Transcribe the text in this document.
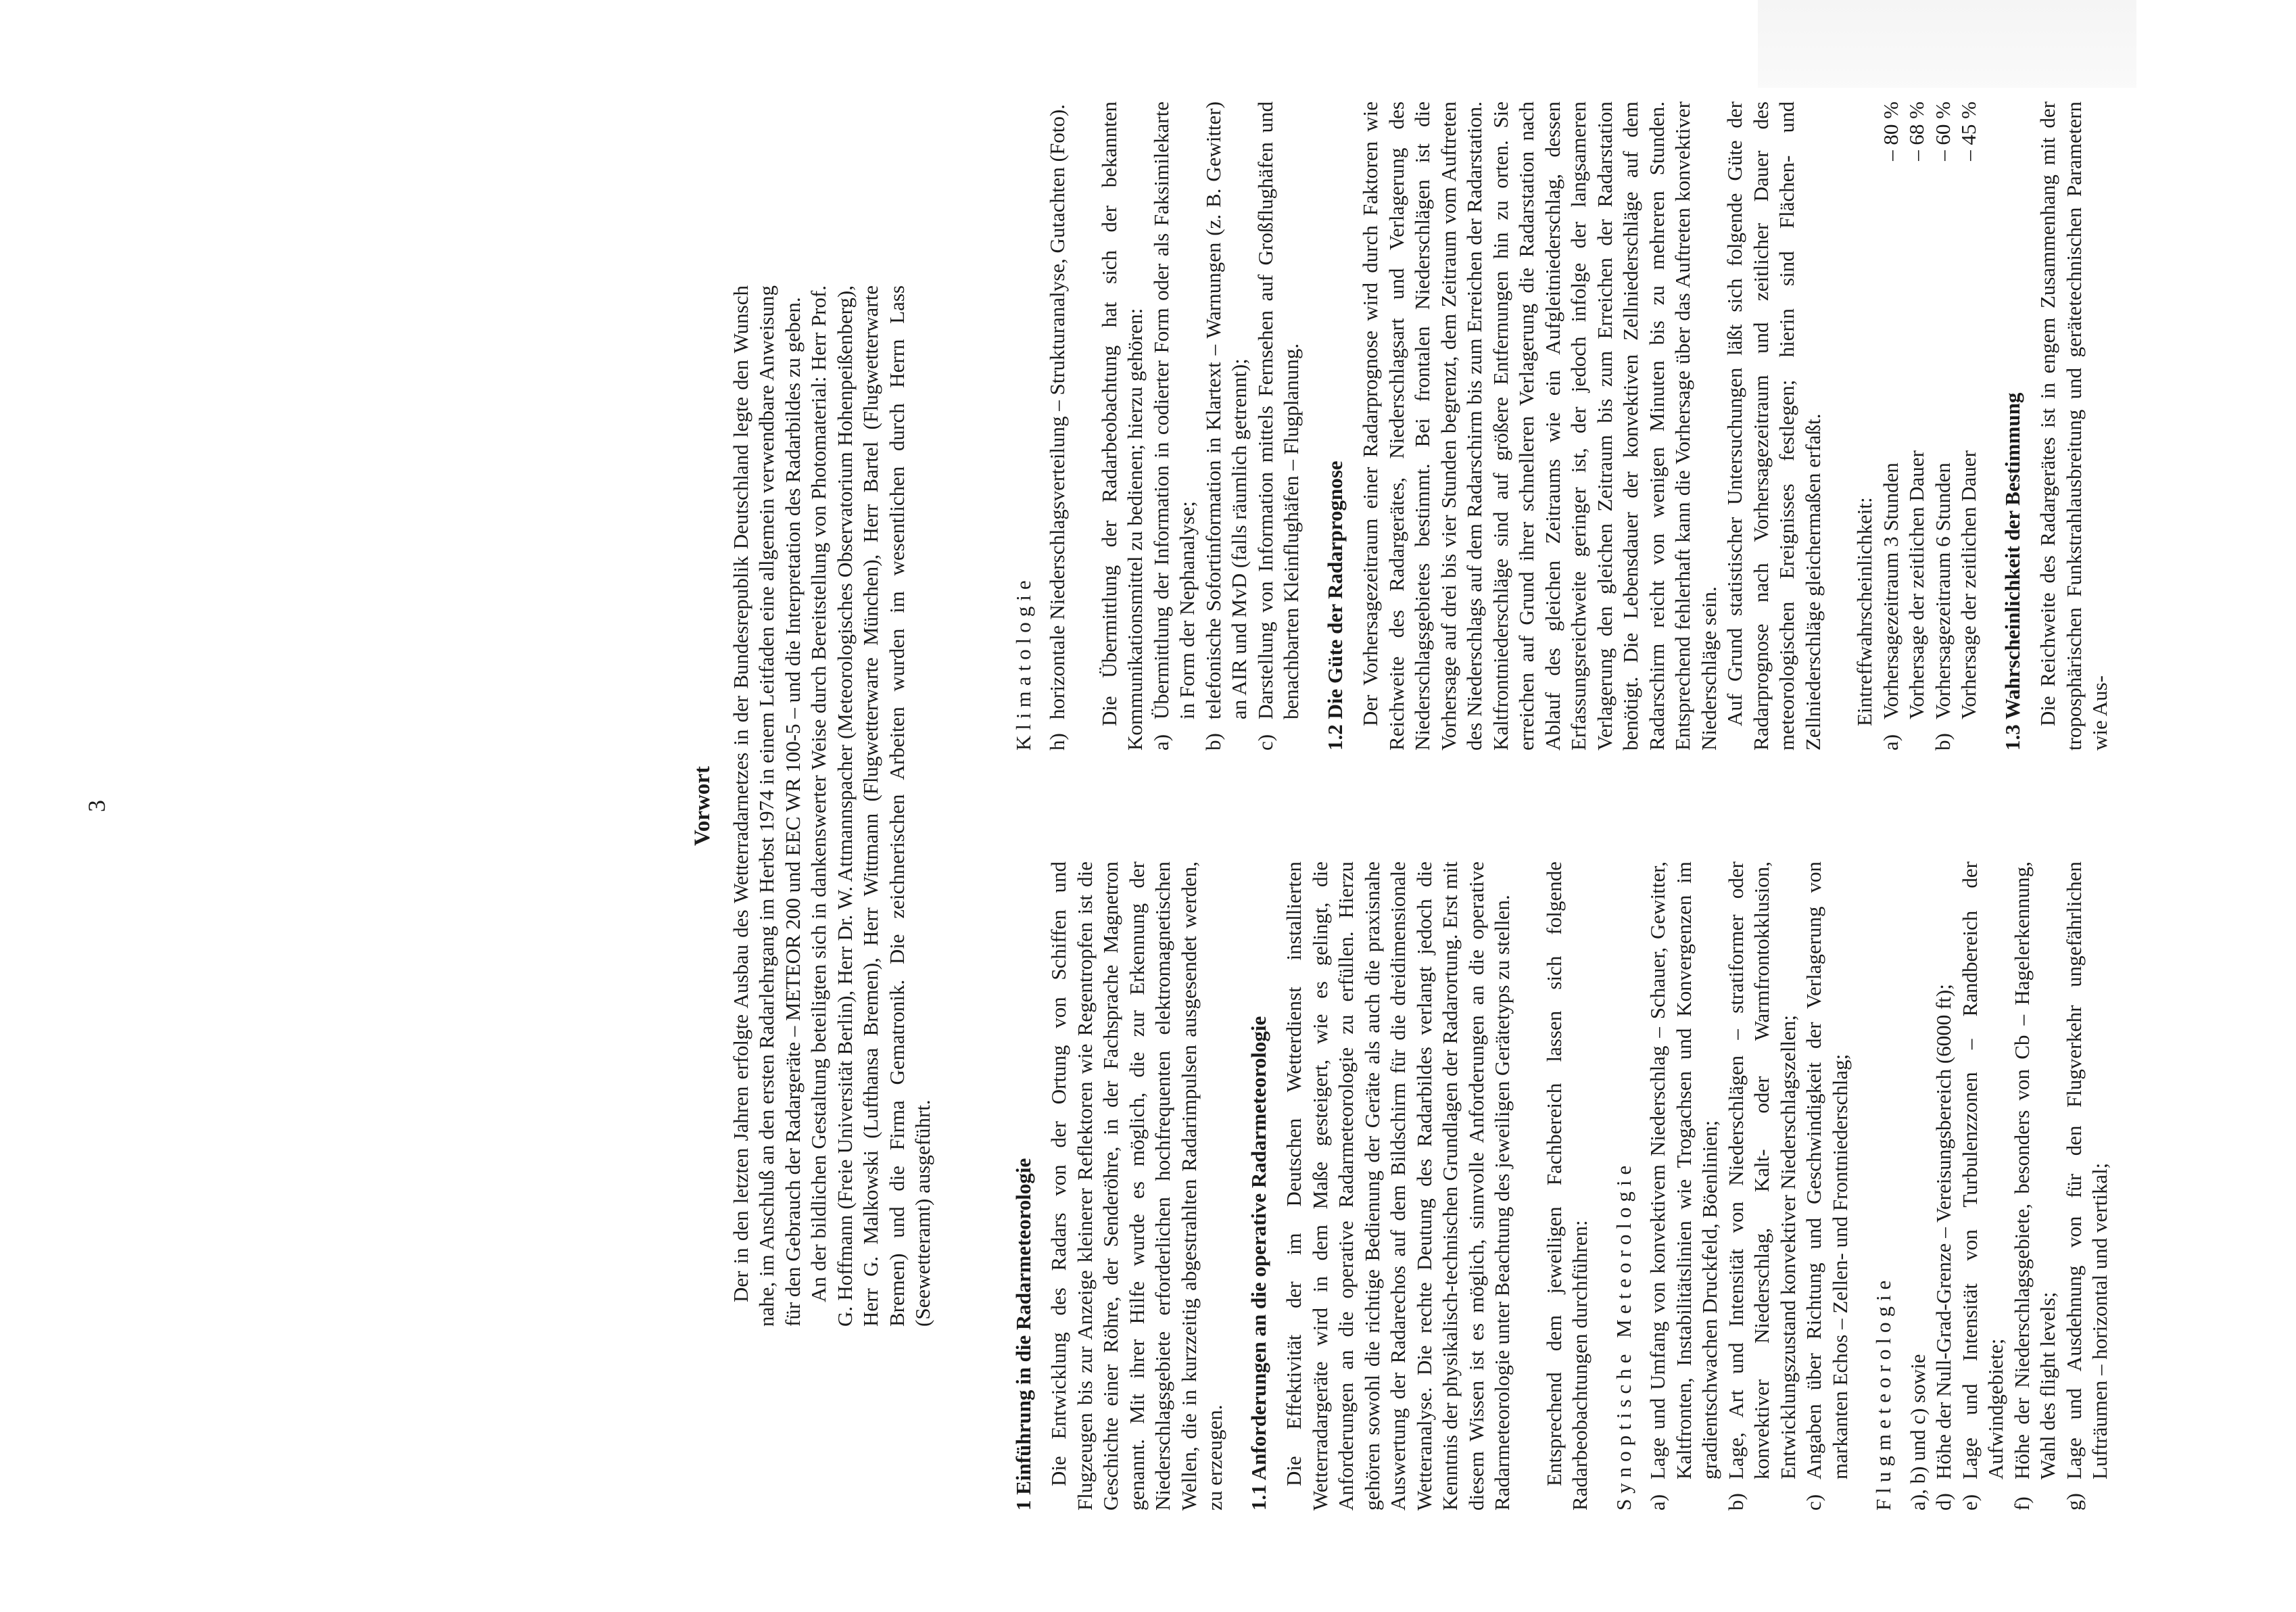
3	Vorwort Der in den letzten Jahren erfolgte Ausbau des Wetterradarnetzes in der Bundesrepublik Deutschland legte den Wunsch nahe, im Anschluß an den ersten Radarlehrgang im Herbst 1974 in einem Leitfaden eine allgemein verwendbare Anweisung für den Gebrauch der Radargeräte – METEOR 200 und EEC WR 100-5 – und die Interpretation des Radarbildes zu geben. An der bildlichen Gestaltung beteiligten sich in dankenswerter Weise durch Bereitstellung von Photomaterial: Herr Prof. G. Hoffmann (Freie Universität Berlin), Herr Dr. W. Attmannspacher (Meteorologisches Observatorium Hohenpeißenberg), Herr G. Malkowski (Lufthansa Bremen), Herr Wittmann (Flugwetterwarte München), Herr Bartel (Flugwetterwarte Bremen) und die Firma Gematronik. Die zeichnerischen Arbeiten wurden im wesentlichen durch Herrn Lass (Seewetteramt) ausgeführt.	1 Einführung in die Radarmeteorologie Die Entwicklung des Radars von der Ortung von Schiffen und Flugzeugen bis zur Anzeige kleinerer Reflektoren wie Regentropfen ist die Geschichte einer Röhre, der Senderöhre, in der Fachsprache Magnetron genannt. Mit ihrer Hilfe wurde es möglich, die zur Erkennung der Niederschlagsgebiete erforderlichen hochfrequenten elektromagnetischen Wellen, die in kurzzeitig abgestrahlten Radarimpulsen ausgesendet werden, zu erzeugen. 1.1 Anforderungen an die operative Radarmeteorologie Die Effektivität der im Deutschen Wetterdienst installierten Wetterradargeräte wird in dem Maße gesteigert, wie es gelingt, die Anforderungen an die operative Radarmeteorologie zu erfüllen. Hierzu gehören sowohl die richtige Bedienung der Geräte als auch die praxisnahe Auswertung der Radarechos auf dem Bildschirm für die dreidimensionale Wetteranalyse. Die rechte Deutung des Radarbildes verlangt jedoch die Kenntnis der physikalisch-technischen Grundlagen der Radarortung. Erst mit diesem Wissen ist es möglich, sinnvolle Anforderungen an die operative Radarmeteorologie unter Beachtung des jeweiligen Gerätetyps zu stellen. Entsprechend dem jeweiligen Fachbereich lassen sich folgende Radarbeobachtungen durchführen: Synoptische Meteorologie a)
Lage und Umfang von konvektivem Niederschlag – Schauer, Gewitter, Kaltfronten, Instabilitätslinien wie Trogachsen und Konvergenzen im gradientschwachen Druckfeld, Böenlinien;
b)
Lage, Art und Intensität von Niederschlägen – stratiformer oder konvektiver Niederschlag, Kalt- oder Warmfrontokklusion, Entwicklungszustand konvektiver Niederschlagszellen;
c)
Angaben über Richtung und Geschwindigkeit der Verlagerung von markanten Echos – Zellen- und Frontniederschlag; Flugmeteorologie a), b) und c) sowie d)
Höhe der Null-Grad-Grenze – Vereisungsbereich (6000 ft);
e)
Lage und Intensität von Turbulenzzonen – Randbereich der Aufwindgebiete;
f)
Höhe der Niederschlagsgebiete, besonders von Cb – Hagelerkennung, Wahl des flight levels;
g)
Lage und Ausdehnung von für den Flugverkehr ungefährlichen Lufträumen – horizontal und vertikal;
Klimatologie h)
horizontale Niederschlagsverteilung – Strukturanalyse, Gutachten (Foto). Die Übermittlung der Radarbeobachtung hat sich der bekannten Kommunikationsmittel zu bedienen; hierzu gehören: a)
Übermittlung der Information in codierter Form oder als Faksimilekarte in Form der Nephanalyse;
b)
telefonische Sofortinformation in Klartext – Warnungen (z. B. Gewitter) an AIR und MvD (falls räumlich getrennt);
c)
Darstellung von Information mittels Fernsehen auf Großflughäfen und benachbarten Kleinflughäfen – Flugplanung. 1.2 Die Güte der Radarprognose Der Vorhersagezeitraum einer Radarprognose wird durch Faktoren wie Reichweite des Radargerätes, Niederschlagsart und Verlagerung des Niederschlagsgebietes bestimmt. Bei frontalen Niederschlägen ist die Vorhersage auf drei bis vier Stunden begrenzt, dem Zeitraum vom Auftreten des Niederschlags auf dem Radarschirm bis zum Erreichen der Radarstation. Kaltfrontniederschläge sind auf größere Entfernungen hin zu orten. Sie erreichen auf Grund ihrer schnelleren Verlagerung die Radarstation nach Ablauf des gleichen Zeitraums wie ein Aufgleitniederschlag, dessen Erfassungsreichweite geringer ist, der jedoch infolge der langsameren Verlagerung den gleichen Zeitraum bis zum Erreichen der Radarstation benötigt. Die Lebensdauer der konvektiven Zellniederschläge auf dem Radarschirm reicht von wenigen Minuten bis zu mehreren Stunden. Entsprechend fehlerhaft kann die Vorhersage über das Auftreten konvektiver Niederschläge sein. Auf Grund statistischer Untersuchungen läßt sich folgende Güte der Radarprognose nach Vorhersagezeitraum und zeitlicher Dauer des meteorologischen Ereignisses festlegen; hierin sind Flächen- und Zellniederschläge gleichermaßen erfaßt. Eintreffwahrscheinlichkeit:

a)
Vorhersagezeitraum 3 Stunden
– 80 %
Vorhersage der zeitlichen Dauer
– 68 %
b)
Vorhersagezeitraum 6 Stunden
– 60 %
Vorhersage der zeitlichen Dauer
– 45 %
1.3 Wahrscheinlichkeit der Bestimmung Die Reichweite des Radargerätes ist in engem Zusammenhang mit der troposphärischen Funkstrahlausbreitung und gerätetechnischen Parametern wie Aus-
